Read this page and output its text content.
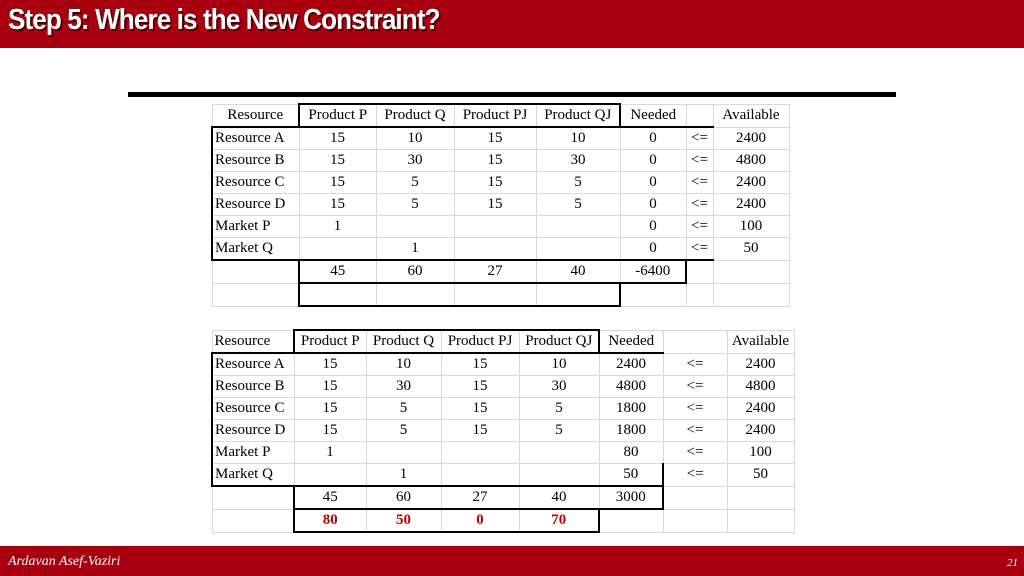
Step 5: Where is the New Constraint?
Resource	Product P	Product Q	Product PJ	Product QJ	Needed		Available
Resource A	15	10	15	10	0	<=	2400
Resource B	15	30	15	30	0	<=	4800
Resource C	15	5	15	5	0	<=	2400
Resource D	15	5	15	5	0	<=	2400
Market P	1				0	<=	100
Market Q		1			0	<=	50
	45	60	27	40	-6400		

Resource	Product P	Product Q	Product PJ	Product QJ	Needed		Available
Resource A	15	10	15	10	2400	<=	2400
Resource B	15	30	15	30	4800	<=	4800
Resource C	15	5	15	5	1800	<=	2400
Resource D	15	5	15	5	1800	<=	2400
Market P	1				80	<=	100
Market Q		1			50	<=	50
	45	60	27	40	3000		
	80	50	0	70			
Ardavan Asef-Vaziri	21
